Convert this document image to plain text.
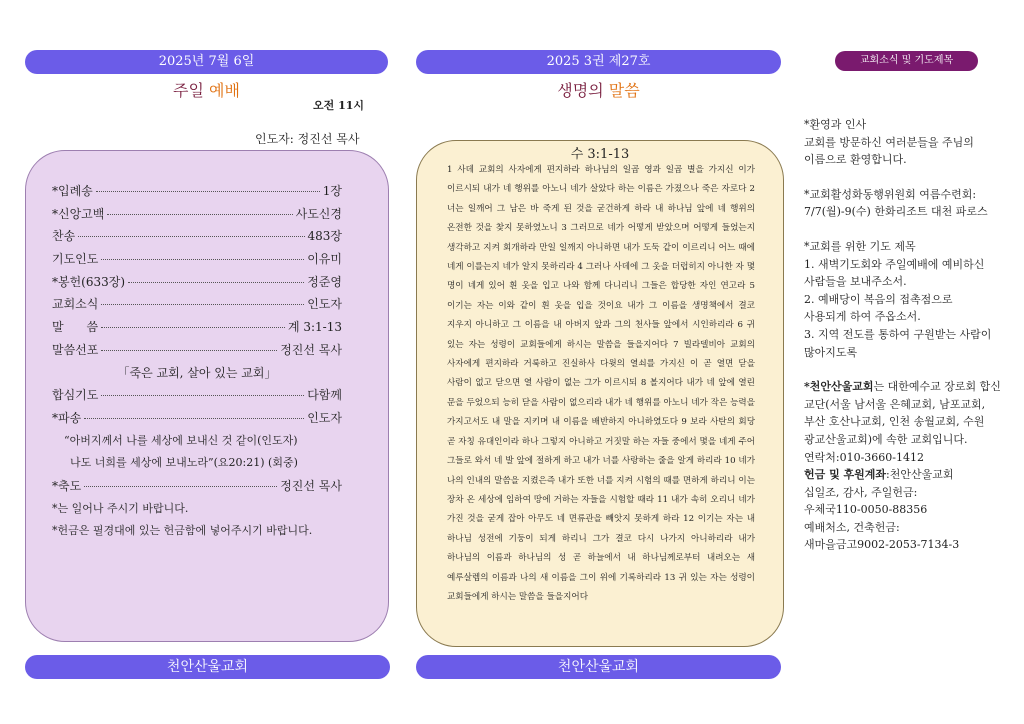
2025년 7월 6일
주일 예배
오전 11시
인도자: 정진선 목사
*입례송	1장
*신앙고백	사도신경
찬송	483장
기도인도	이유미
*봉헌(633장)	정준영
교회소식	인도자
말      씀	계 3:1-13
말씀선포	정진선 목사
「죽은 교회, 살아 있는 교회」
합심기도	다함께
*파송	인도자
“아버지께서 나를 세상에 보내신 것 같이(인도자)
나도 너희를 세상에 보내노라”(요20:21) (회중)
*축도	정진선 목사
*는 일어나 주시기 바랍니다.
*헌금은 필경대에 있는 헌금함에 넣어주시기 바랍니다.
천안산울교회
2025 3권 제27호
생명의 말씀
수 3:1-13
1 사데 교회의 사자에게 편지하라 하나님의 일곱 영과 일곱 별을 가지신 이가 이르시되 내가 네 행위를 아노니 네가 살았다 하는 이름은 가졌으나 죽은 자로다 2 너는 일깨어 그 남은 바 죽게 된 것을 굳건하게 하라 내 하나님 앞에 네 행위의 온전한 것을 찾지 못하였노니 3 그러므로 네가 어떻게 받았으며 어떻게 들었는지 생각하고 지켜 회개하라 만일 일깨지 아니하면 내가 도둑 같이 이르리니 어느 때에 네게 이를는지 네가 알지 못하리라 4 그러나 사데에 그 옷을 더럽히지 아니한 자 몇 명이 네게 있어 흰 옷을 입고 나와 함께 다니리니 그들은 합당한 자인 연고라 5 이기는 자는 이와 같이 흰 옷을 입을 것이요 내가 그 이름을 생명책에서 결코 지우지 아니하고 그 이름을 내 아버지 앞과 그의 천사들 앞에서 시인하리라 6 귀 있는 자는 성령이 교회들에게 하시는 말씀을 들을지어다 7 빌라델비아 교회의 사자에게 편지하라 거룩하고 진실하사 다윗의 열쇠를 가지신 이 곧 열면 닫을 사람이 없고 닫으면 열 사람이 없는 그가 이르시되 8 볼지어다 내가 네 앞에 열린 문을 두었으되 능히 닫을 사람이 없으리라 내가 네 행위를 아노니 네가 작은 능력을 가지고서도 내 말을 지키며 내 이름을 배반하지 아니하였도다 9 보라 사탄의 회당 곧 자칭 유대인이라 하나 그렇지 아니하고 거짓말 하는 자들 중에서 몇을 네게 주어 그들로 와서 네 발 앞에 절하게 하고 내가 너를 사랑하는 줄을 알게 하리라 10 네가 나의 인내의 말씀을 지켰은즉 내가 또한 너를 지켜 시험의 때를 면하게 하리니 이는 장차 온 세상에 임하여 땅에 거하는 자들을 시험할 때라 11 내가 속히 오리니 네가 가진 것을 굳게 잡아 아무도 네 면류관을 빼앗지 못하게 하라 12 이기는 자는 내 하나님 성전에 기둥이 되게 하리니 그가 결코 다시 나가지 아니하리라 내가 하나님의 이름과 하나님의 성 곧 하늘에서 내 하나님께로부터 내려오는 새 예루살렘의 이름과 나의 새 이름을 그이 위에 기록하리라 13 귀 있는 자는 성령이 교회들에게 하시는 말씀을 들을지어다
천안산울교회
교회소식 및 기도제목

*환영과 인사

교회를 방문하신 여러분들을 주님의

이름으로 환영합니다.

*교회활성화동행위원회 여름수련회:

7/7(월)-9(수) 한화리조트 대천 파로스

*교회를 위한 기도 제목

1. 새벽기도회와 주일예배에 예비하신

사람들을 보내주소서.

2. 예배당이 복음의 접촉점으로

사용되게 하여 주옵소서.

3. 지역 전도를 통하여 구원받는 사람이

많아지도록

*천안산울교회는 대한예수교 장로회 합신

교단(서울 남서울 은혜교회, 남포교회,

부산 호산나교회, 인천 송월교회, 수원

광교산울교회)에 속한 교회입니다.

연락처:010-3660-1412

헌금 및 후원계좌:천안산울교회

십일조, 감사, 주일헌금:

우체국110-0050-88356

예배처소, 건축헌금:

새마을금고9002-2053-7134-3
